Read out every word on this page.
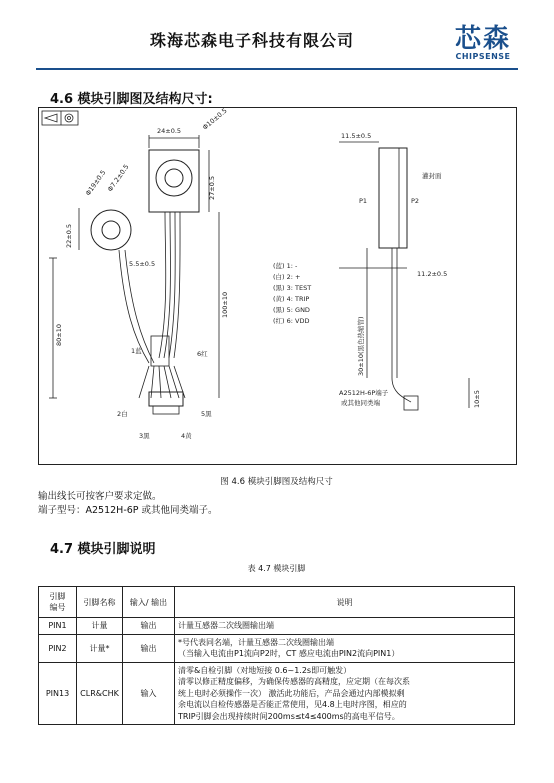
珠海芯森电子科技有限公司	芯森
CHIPSENSE
4.6 模块引脚图及结构尺寸:
24±0.5	Φ10±0.5
27±0.5
Φ19±0.5
Φ7.2±0.5
22±0.5
5.5±0.5
80±10
100±10
11.5±0.5
11.2±0.5
30±10(黑色热缩管)
10±5
P1	P2
灌封面
A2512H-6P端子
或其他同类端
1蓝	6红
2白
3黑	4黄
5黑
(蓝) 1: -
(白) 2: +
(黑) 3: TEST
(黄) 4: TRIP
(黑) 5: GND
(红) 6: VDD
图 4.6 模块引脚图及结构尺寸
输出线长可按客户要求定做。
端子型号：A2512H-6P 或其他同类端子。
4.7 模块引脚说明
表 4.7 模块引脚
引脚
编号	引脚名称	输入/ 输出	说明
PIN1	计量	输出	计量互感器二次线圈输出端

PIN2	计量*	输出	*号代表同名端，计量互感器二次线圈输出端
（当输入电流由P1流向P2时，CT 感应电流由PIN2流向PIN1）

PIN13	CLR&CHK	输入	清零&自检引脚（对地短接 0.6~1.2s即可触发）
清零以修正精度偏移，为确保传感器的高精度，应定期（在每次系
统上电时必须操作一次） 激活此功能后，产品会通过内部模拟剩
余电流以自检传感器是否能正常使用，见4.8上电时序图，相应的
TRIP引脚会出现持续时间200ms≤t4≤400ms的高电平信号。
